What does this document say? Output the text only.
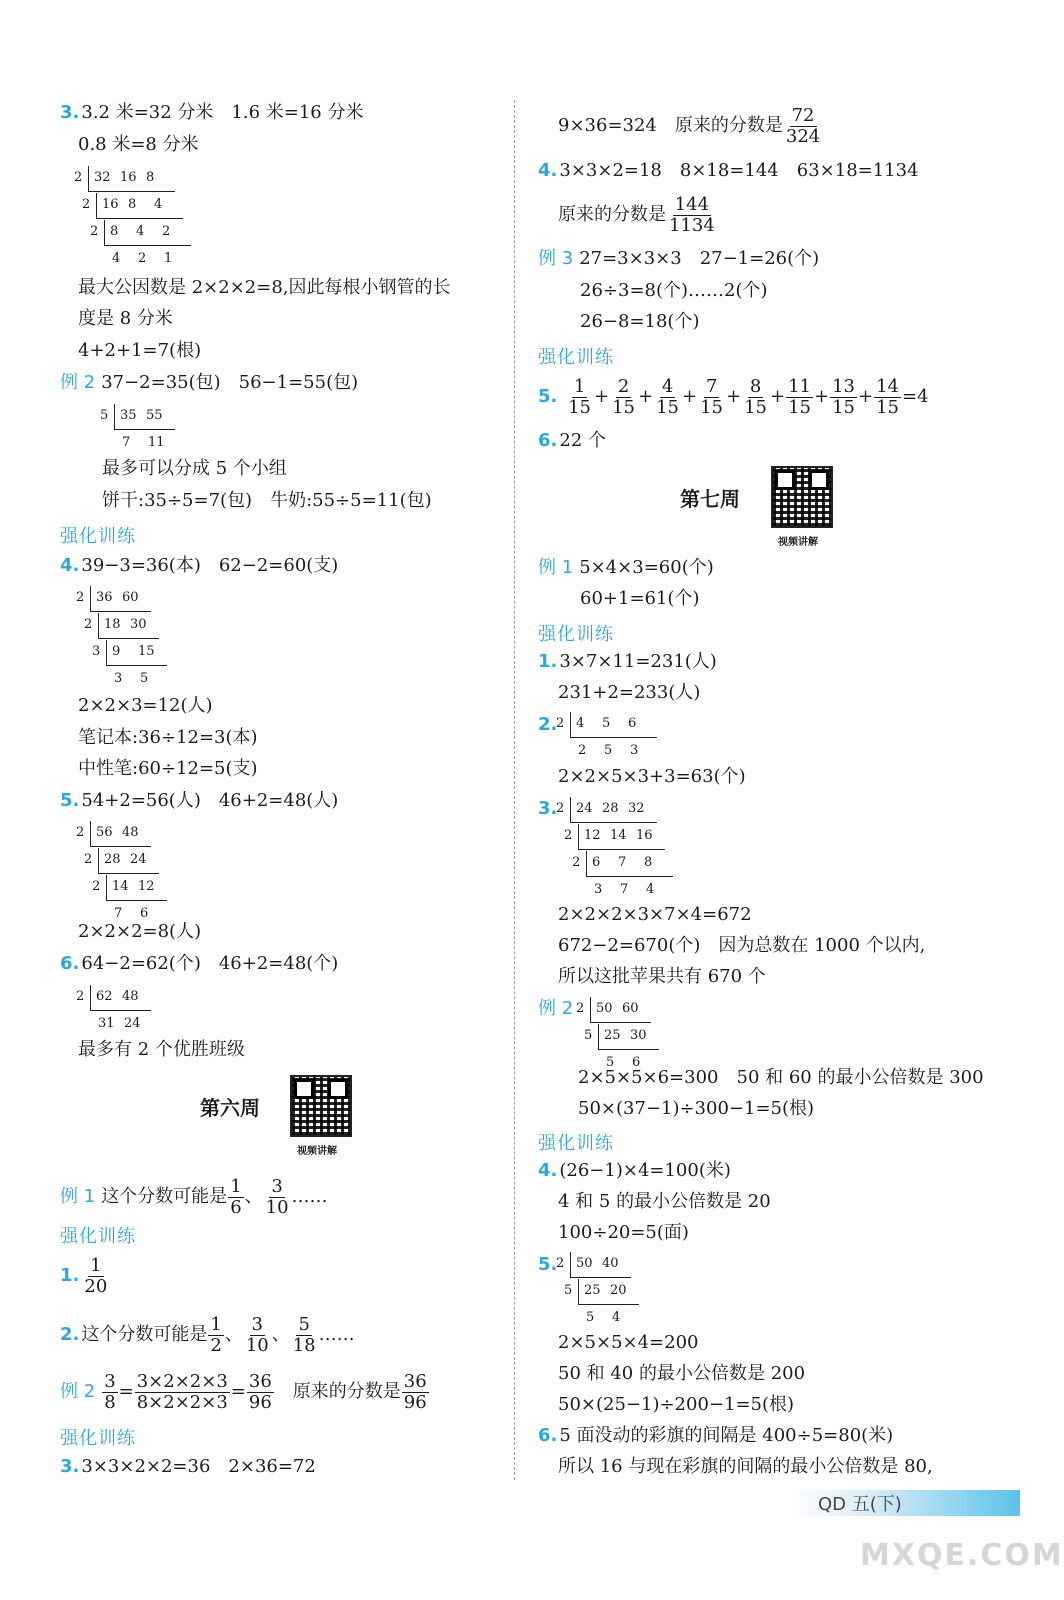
3. 3.2 米=32 分米　1.6 米=16 分米
0.8 米=8 分米
2 32 16 8
2 16 8	4
2 8	4	2
4	2	1
最大公因数是 2×2×2=8,因此每根小钢管的长
度是 8 分米
4+2+1=7(根)
例 2 37−2=35(包)　56−1=55(包)
5 35 55
7	11
最多可以分成 5 个小组
饼干:35÷5=7(包)　牛奶:55÷5=11(包)
强化训练
4. 39−3=36(本)　62−2=60(支)
2 36 60
2 18 30
3 9	15
3	5
2×2×3=12(人)
笔记本:36÷12=3(本)
中性笔:60÷12=5(支)
5. 54+2=56(人)　46+2=48(人)
2 56 48
2 28 24
2 14 12
7	6
2×2×2=8(人)
6. 64−2=62(个)　46+2=48(个)
2 62 48
31 24
最多有 2 个优胜班级
第六周
视频讲解
例 1 这个分数可能是 $\frac{1}{6}$ 、 $\frac{3}{10}$ ……
强化训练
1. $\frac{1}{20}$
2. 这个分数可能是 $\frac{1}{2}$ 、 $\frac{3}{10}$ 、 $\frac{5}{18}$ ……
例 $2 \frac{3}{8} = \frac{3\times 2\times 2\times 3}{8\times 2\times 2\times 3} = \frac{36}{96}$
　 原来的分数是 $\frac{36}{96}$
强化训练
3. 3×3×2×2=36　2×36=72
9×36=324　原来的分数是 $\frac{72}{324}$
4. 3×3×2=18　8×18=144　63×18=1134
原来的分数是 $\frac{144}{1134}$
例 3 27=3×3×3　27−1=26(个)
26÷3=8(个)……2(个)
26−8=18(个)
强化训练
5. $\frac{1}{15} + \frac{2}{15} + \frac{4}{15} + \frac{7}{15} + \frac{8}{15} + \frac{11}{15} + \frac{13}{15} + \frac{14}{15} =4$
6. 22 个
第七周
视频讲解
例 1 5×4×3=60(个)
60+1=61(个)
强化训练
1. 3×7×11=231(人)
231+2=233(人)
2.
2 4	5	6
2	5	3
2×2×5×3+3=63(个)
3.
2 24 28 32
2 12 14 16
2 6	7	8
3	7	4
2×2×2×3×7×4=672
672−2=670(个)　因为总数在 1000 个以内,
所以这批苹果共有 670 个
例 2 2 50 60
5 25 30
5	6
2×5×5×6=300　50 和 60 的最小公倍数是 300
50×(37−1)÷300−1=5(根)
强化训练
4. (26−1)×4=100(米)
4 和 5 的最小公倍数是 20
100÷20=5(面)
5.
2 50 40
5 25 20
5	4
2×5×5×4=200
50 和 40 的最小公倍数是 200
50×(25−1)÷200−1=5(根)
6. 5 面没动的彩旗的间隔是 400÷5=80(米)
所以 16 与现在彩旗的间隔的最小公倍数是 80,
QD 五(下)
MXQE.COM
